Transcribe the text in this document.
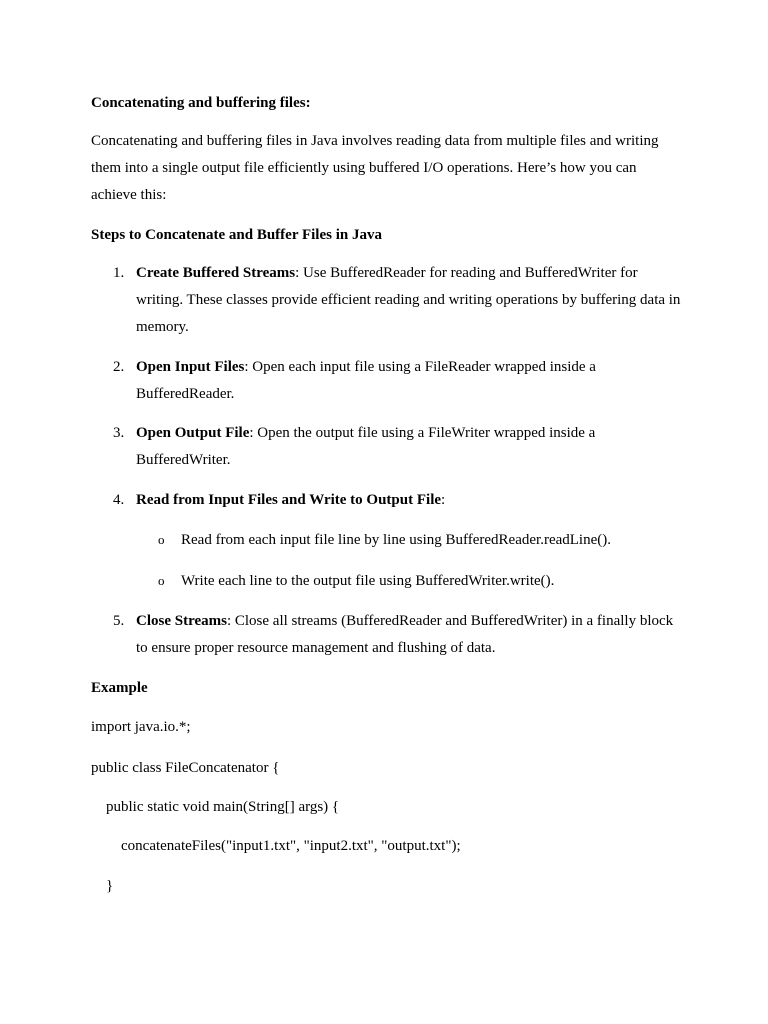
Concatenating and buffering files:
Concatenating and buffering files in Java involves reading data from multiple files and writing them into a single output file efficiently using buffered I/O operations. Here’s how you can achieve this:
Steps to Concatenate and Buffer Files in Java
1. Create Buffered Streams: Use BufferedReader for reading and BufferedWriter for writing. These classes provide efficient reading and writing operations by buffering data in memory.
2. Open Input Files: Open each input file using a FileReader wrapped inside a BufferedReader.
3. Open Output File: Open the output file using a FileWriter wrapped inside a BufferedWriter.
4. Read from Input Files and Write to Output File:
o Read from each input file line by line using BufferedReader.readLine().
o Write each line to the output file using BufferedWriter.write().
5. Close Streams: Close all streams (BufferedReader and BufferedWriter) in a finally block to ensure proper resource management and flushing of data.
Example
import java.io.*;
public class FileConcatenator {
public static void main(String[] args) {
concatenateFiles("input1.txt", "input2.txt", "output.txt");
}
